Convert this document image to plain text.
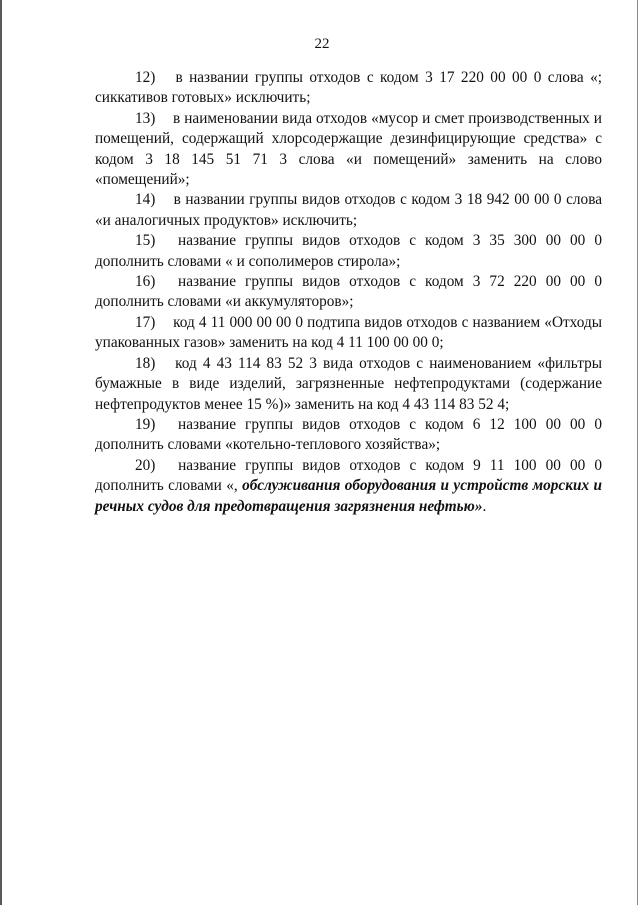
22

12) в названии группы отходов с кодом 3 17 220 00 00 0 слова «; сиккативов готовых» исключить;

13) в наименовании вида отходов «мусор и смет производственных и помещений, содержащий хлорсодержащие дезинфицирующие средства» с кодом 3 18 145 51 71 3 слова «и помещений» заменить на слово «помещений»;

14) в названии группы видов отходов с кодом 3 18 942 00 00 0 слова «и аналогичных продуктов» исключить;

15) название группы видов отходов с кодом 3 35 300 00 00 0 дополнить словами « и сополимеров стирола»;

16) название группы видов отходов с кодом 3 72 220 00 00 0 дополнить словами «и аккумуляторов»;

17) код 4 11 000 00 00 0 подтипа видов отходов с названием «Отходы упакованных газов» заменить на код 4 11 100 00 00 0;

18) код 4 43 114 83 52 3 вида отходов с наименованием «фильтры бумажные в виде изделий, загрязненные нефтепродуктами (содержание нефтепродуктов менее 15 %)» заменить на код 4 43 114 83 52 4;

19) название группы видов отходов с кодом 6 12 100 00 00 0 дополнить словами «котельно-теплового хозяйства»;

20) название группы видов отходов с кодом 9 11 100 00 00 0 дополнить словами «, обслуживания оборудования и устройств морских и речных судов для предотвращения загрязнения нефтью».
